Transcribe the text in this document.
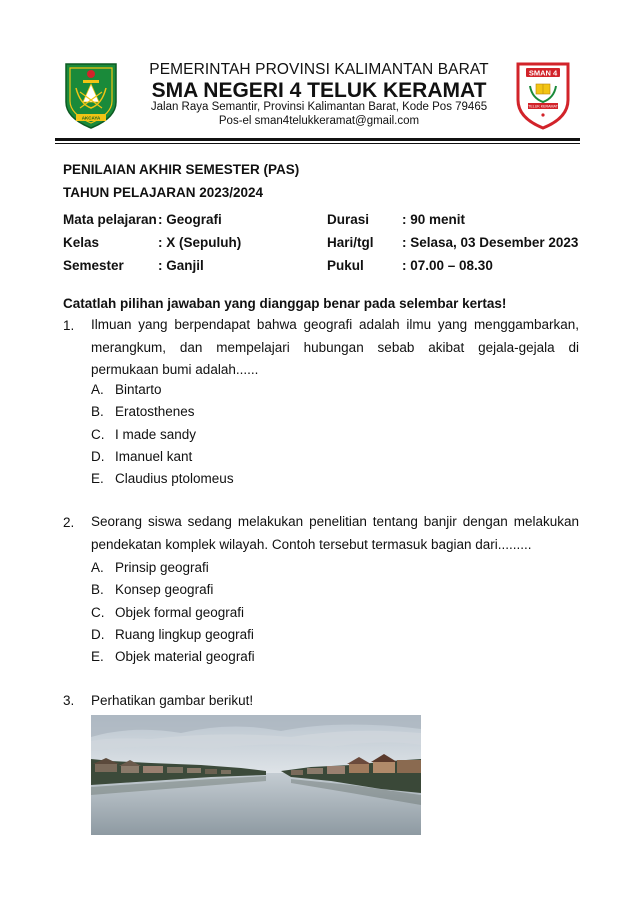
AKCAYA
SMAN 4
TELUK KERAMAT
PEMERINTAH PROVINSI KALIMANTAN BARAT
SMA NEGERI 4 TELUK KERAMAT
Jalan Raya Semantir, Provinsi Kalimantan Barat, Kode Pos 79465
Pos-el sman4telukkeramat@gmail.com
PENILAIAN AKHIR SEMESTER (PAS)
TAHUN PELAJARAN 2023/2024
Mata pelajaran : Geografi	Durasi : 90 menit
Kelas	: X (Sepuluh)	Hari/tgl : Selasa, 03 Desember 2023
Semester	: Ganjil	Pukul	: 07.00 – 08.30
Catatlah pilihan jawaban yang dianggap benar pada selembar kertas!
1. Ilmuan yang berpendapat bahwa geografi adalah ilmu yang menggambarkan, merangkum, dan mempelajari hubungan sebab akibat gejala-gejala di permukaan bumi adalah......
A. Bintarto
B. Eratosthenes
C. I made sandy
D. Imanuel kant
E. Claudius ptolomeus
2. Seorang siswa sedang melakukan penelitian tentang banjir dengan melakukan pendekatan komplek wilayah. Contoh tersebut termasuk bagian dari.........
A. Prinsip geografi
B. Konsep geografi
C. Objek formal geografi
D. Ruang lingkup geografi
E. Objek material geografi
3. Perhatikan gambar berikut!
